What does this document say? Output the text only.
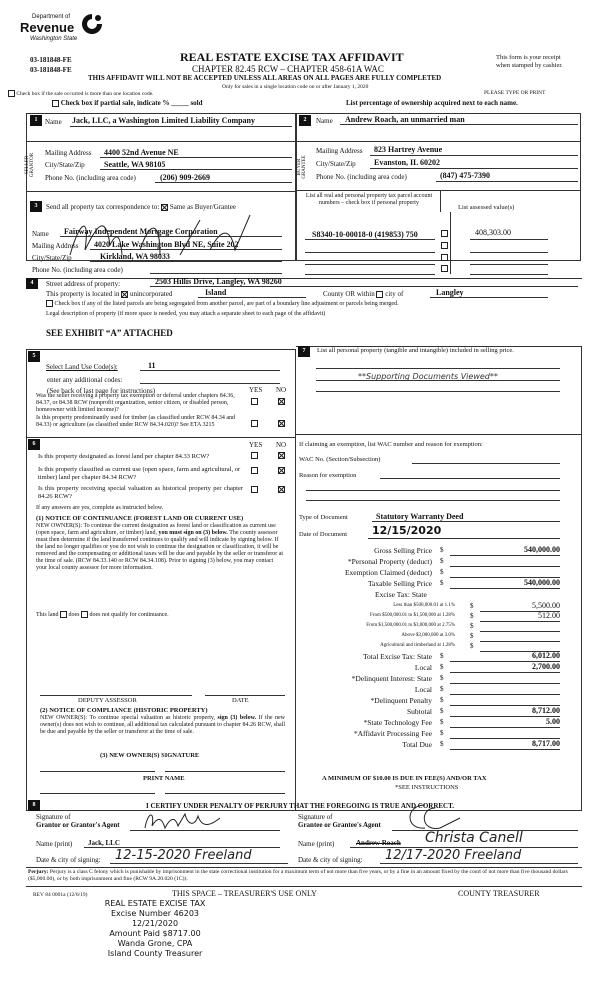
Department of
Revenue
Washington State
03-181848-FE
03-181848-FE
REAL ESTATE EXCISE TAX AFFIDAVIT
CHAPTER 82.45 RCW – CHAPTER 458-61A WAC
This form is your receipt
when stamped by cashier.
THIS AFFIDAVIT WILL NOT BE ACCEPTED UNLESS ALL AREAS ON ALL PAGES ARE FULLY COMPLETED
Only for sales in a single location code on or after January 1, 2020
Check box if the sale occurred is more than one location code.	PLEASE TYPE OR PRINT
Check box if partial sale, indicate % _____ sold	List percentage of ownership acquired next to each name.
1
SELLER GRANTOR
Name Jack, LLC, a Washington Limited Liability Company
Mailing Address 4400 52nd Avenue NE
City/State/Zip Seattle, WA 98105
Phone No. (including area code)	(206) 909-2669
2
BUYER GRANTEE
Name Andrew Roach, an unmarried man
Mailing Address 823 Hartrey Avenue
City/State/Zip Evanston, IL 60202
Phone No. (including area code)	(847) 475-7390
3	Send all property tax correspondence to: Same as Buyer/Grantee
Name Fairway Independent Mortgage Corporation
Mailing Address 4020 Lake Washington Blvd NE, Suite 202
City/State/Zip	Kirkland, WA 98033
Phone No. (including area code)
List all real and personal property tax parcel account numbers – check box if personal property
List assessed value(s)
S8340-10-00018-0 (419853) 750	408,303.00
4	Street address of property:	2503 Hillis Drive, Langley, WA 98260
This property is located in unincorporated	Island	County OR within city of	Langley
Check box if any of the listed parcels are being segregated from another parcel, are part of a boundary line adjustment or parcels being merged.
Legal description of property (if more space is needed, you may attach a separate sheet to each page of the affidavit)
SEE EXHIBIT “A” ATTACHED
5
Select Land Use Code(s):	11
enter any additional codes:
(See back of last page for instructions)	YES NO
Was the seller receiving a property tax exemption or deferral under chapters 84.36, 84.37, or 84.38 RCW (nonprofit organization, senior citizen, or disabled person, homeowner with limited income)?
Is this property predominantly used for timber (as classified under RCW 84.34 and 84.33) or agriculture (as classified under RCW 84.34.020)? See ETA 3215
6	YES NO
Is this property designated as forest land per chapter 84.33 RCW?
Is this property classified as current use (open space, farm and agricultural, or timber) land per chapter 84.34 RCW?
Is this property receiving special valuation as historical property per chapter 84.26 RCW?
If any answers are yes, complete as instructed below.
(1) NOTICE OF CONTINUANCE (FOREST LAND OR CURRENT USE)
NEW OWNER(S): To continue the current designation as forest land or classification as current use (open space, farm and agriculture, or timber) land, you must sign on (3) below. The county assessor must then determine if the land transferred continues to qualify and will indicate by signing below. If the land no longer qualifies or you do not wish to continue the designation or classification, it will be removed and the compensating or additional taxes will be due and payable by the seller or transferor at the time of sale. (RCW 84.33.140 or RCW 84.34.108). Prior to signing (3) below, you may contact your local county assessor for more information.
This land does does not qualify for continuance.
DEPUTY ASSESSOR	DATE
(2) NOTICE OF COMPLIANCE (HISTORIC PROPERTY)
NEW OWNER(S): To continue special valuation as historic property, sign (3) below. If the new owner(s) does not wish to continue, all additional tax calculated pursuant to chapter 84.26 RCW, shall be due and payable by the seller or transferor at the time of sale.
(3) NEW OWNER(S) SIGNATURE
PRINT NAME
7	List all personal property (tangible and intangible) included in selling price.
**Supporting Documents Viewed**
If claiming an exemption, list WAC number and reason for exemption:
WAC No. (Section/Subsection)
Reason for exemption
Type of Document	Statutory Warranty Deed
Date of Document 12/15/2020
Gross Selling Price $	540,000.00
*Personal Property (deduct) $
Exemption Claimed (deduct) $
Taxable Selling Price $	540,000.00
Excise Tax: State
Less than $500,000.01 at 1.1% $	5,500.00
From $500,000.01 to $1,500,000 at 1.28% $	512.00
From $1,500,000.01 to $3,000,000 at 2.75% $
Above $3,000,000 at 3.0% $
Agricultural and timberland at 1.28% $
Total Excise Tax: State $	6,012.00
Local $	2,700.00
*Delinquent Interest: State $
Local $
*Delinquent Penalty $
Subtotal $	8,712.00
*State Technology Fee $	5.00
*Affidavit Processing Fee $
Total Due $	8,717.00
A MINIMUM OF $10.00 IS DUE IN FEE(S) AND/OR TAX
*SEE INSTRUCTIONS
8	I CERTIFY UNDER PENALTY OF PERJURY THAT THE FOREGOING IS TRUE AND CORRECT.
Signature of
Grantor or Grantor's Agent
Name (print) Jack, LLC
Date & city of signing: 12-15-2020 Freeland
Signature of
Grantee or Grantee's Agent
Name (print)	Andrew Roach Christa Canell
Date & city of signing: 12/17-2020 Freeland
Perjury: Perjury is a class C felony which is punishable by imprisonment in the state correctional institution for a maximum term of not more than five years, or by a fine in an amount fixed by the court of not more than five thousand dollars ($5,000.00), or by both imprisonment and fine (RCW 9A.20.020 (1C)).
REV 84 0001a (12/6/19)	THIS SPACE – TREASURER'S USE ONLY	COUNTY TREASURER
REAL ESTATE EXCISE TAX
Excise Number 46203
12/21/2020
Amount Paid $8717.00
Wanda Grone, CPA
Island County Treasurer
